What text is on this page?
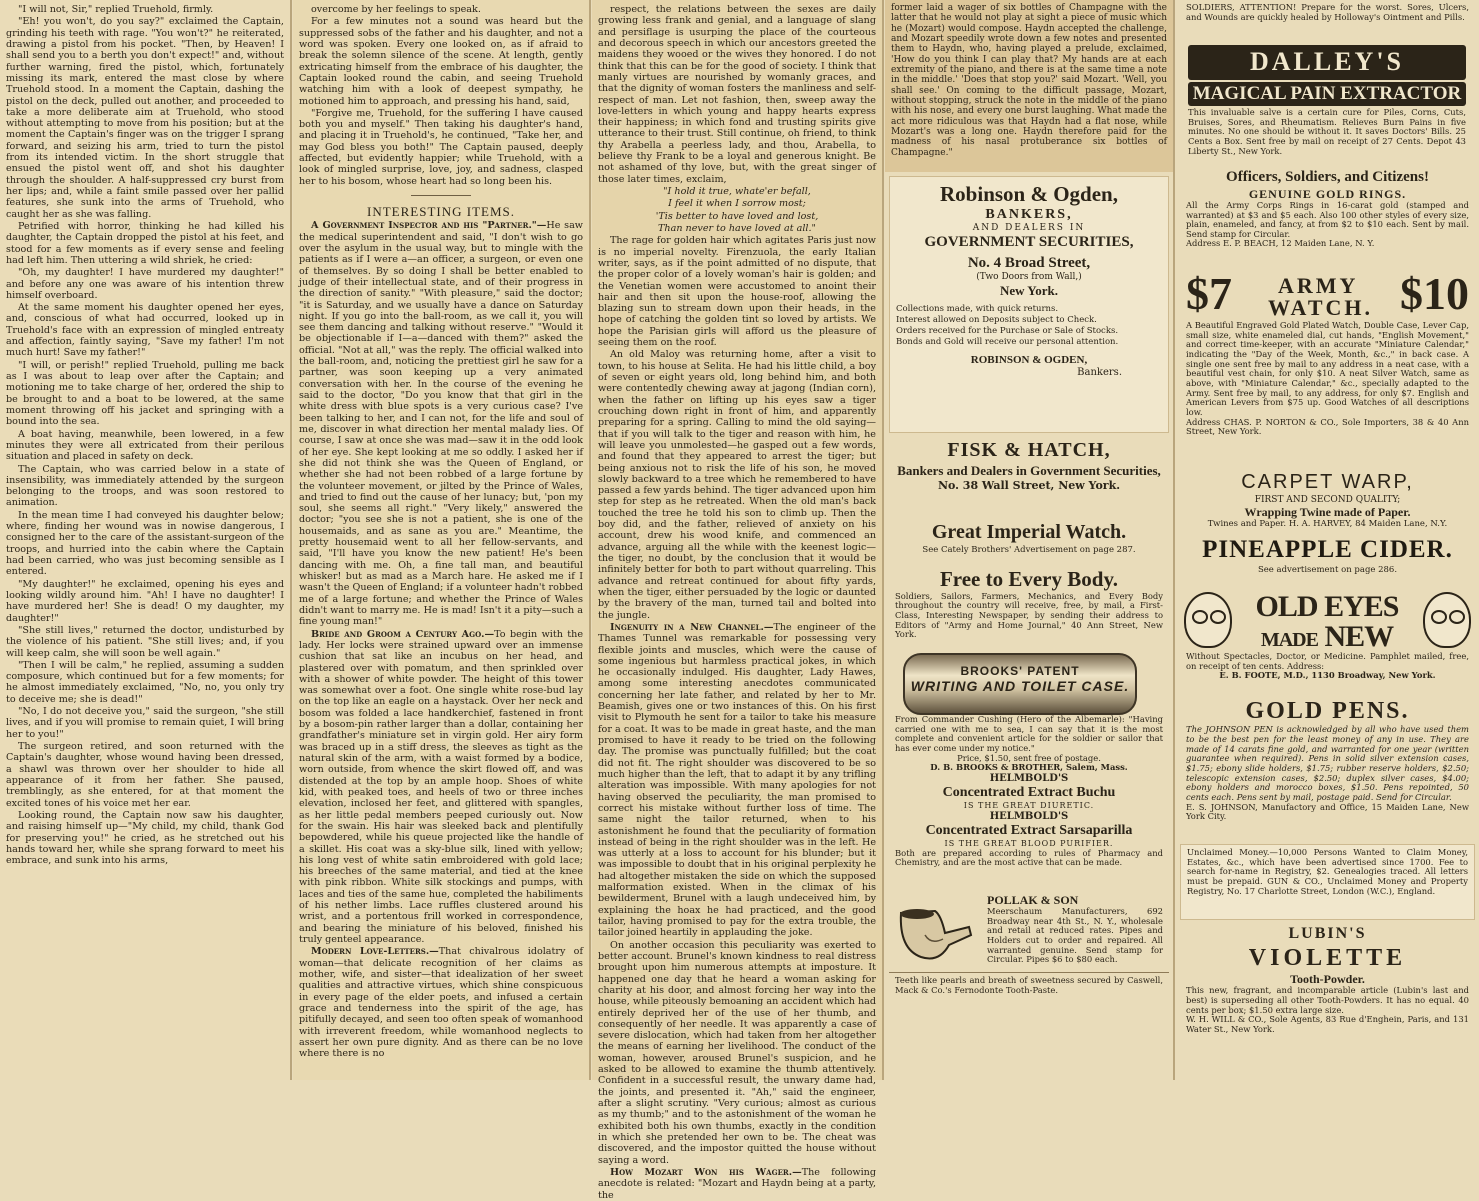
"I will not, Sir," replied Truehold, firmly.

"Eh! you won't, do you say?" exclaimed the Captain, grinding his teeth with rage. "You won't?" he reiterated, drawing a pistol from his pocket. "Then, by Heaven! I shall send you to a berth you don't expect!" and, without further warning, fired the pistol, which, fortunately missing its mark, entered the mast close by where Truehold stood. In a moment the Captain, dashing the pistol on the deck, pulled out another, and proceeded to take a more deliberate aim at Truehold, who stood without attempting to move from his position; but at the moment the Captain's finger was on the trigger I sprang forward, and seizing his arm, tried to turn the pistol from its intended victim. In the short struggle that ensued the pistol went off, and shot his daughter through the shoulder. A half-suppressed cry burst from her lips; and, while a faint smile passed over her pallid features, she sunk into the arms of Truehold, who caught her as she was falling.

Petrified with horror, thinking he had killed his daughter, the Captain dropped the pistol at his feet, and stood for a few moments as if every sense and feeling had left him. Then uttering a wild shriek, he cried:

"Oh, my daughter! I have murdered my daughter!" and before any one was aware of his intention threw himself overboard.

At the same moment his daughter opened her eyes, and, conscious of what had occurred, looked up in Truehold's face with an expression of mingled entreaty and affection, faintly saying, "Save my father! I'm not much hurt! Save my father!"

"I will, or perish!" replied Truehold, pulling me back as I was about to leap over after the Captain; and motioning me to take charge of her, ordered the ship to be brought to and a boat to be lowered, at the same moment throwing off his jacket and springing with a bound into the sea.

A boat having, meanwhile, been lowered, in a few minutes they were all extricated from their perilous situation and placed in safety on deck.

The Captain, who was carried below in a state of insensibility, was immediately attended by the surgeon belonging to the troops, and was soon restored to animation.

In the mean time I had conveyed his daughter below; where, finding her wound was in nowise dangerous, I consigned her to the care of the assistant-surgeon of the troops, and hurried into the cabin where the Captain had been carried, who was just becoming sensible as I entered.

"My daughter!" he exclaimed, opening his eyes and looking wildly around him. "Ah! I have no daughter! I have murdered her! She is dead! O my daughter, my daughter!"

"She still lives," returned the doctor, undisturbed by the violence of his patient. "She still lives; and, if you will keep calm, she will soon be well again."

"Then I will be calm," he replied, assuming a sudden composure, which continued but for a few moments; for he almost immediately exclaimed, "No, no, you only try to deceive me; she is dead!"

"No, I do not deceive you," said the surgeon, "she still lives, and if you will promise to remain quiet, I will bring her to you!"

The surgeon retired, and soon returned with the Captain's daughter, whose wound having been dressed, a shawl was thrown over her shoulder to hide all appearance of it from her father. She paused, tremblingly, as she entered, for at that moment the excited tones of his voice met her ear.

Looking round, the Captain now saw his daughter, and raising himself up—"My child, my child, thank God for preserving you!" he cried, as he stretched out his hands toward her, while she sprang forward to meet his embrace, and sunk into his arms,

overcome by her feelings to speak.

For a few minutes not a sound was heard but the suppressed sobs of the father and his daughter, and not a word was spoken. Every one looked on, as if afraid to break the solemn silence of the scene. At length, gently extricating himself from the embrace of his daughter, the Captain looked round the cabin, and seeing Truehold watching him with a look of deepest sympathy, he motioned him to approach, and pressing his hand, said,

"Forgive me, Truehold, for the suffering I have caused both you and myself." Then taking his daughter's hand, and placing it in Truehold's, he continued, "Take her, and may God bless you both!" The Captain paused, deeply affected, but evidently happier; while Truehold, with a look of mingled surprise, love, joy, and sadness, clasped her to his bosom, whose heart had so long been his.

INTERESTING ITEMS.

A Government Inspector and his "Partner."—He saw the medical superintendent and said, "I don't wish to go over the asylum in the usual way, but to mingle with the patients as if I were a—an officer, a surgeon, or even one of themselves. By so doing I shall be better enabled to judge of their intellectual state, and of their progress in the direction of sanity." "With pleasure," said the doctor; "it is Saturday, and we usually have a dance on Saturday night. If you go into the ball-room, as we call it, you will see them dancing and talking without reserve." "Would it be objectionable if I—a—danced with them?" asked the official. "Not at all," was the reply. The official walked into the ball-room, and, noticing the prettiest girl he saw for a partner, was soon keeping up a very animated conversation with her. In the course of the evening he said to the doctor, "Do you know that that girl in the white dress with blue spots is a very curious case? I've been talking to her, and I can not, for the life and soul of me, discover in what direction her mental malady lies. Of course, I saw at once she was mad—saw it in the odd look of her eye. She kept looking at me so oddly. I asked her if she did not think she was the Queen of England, or whether she had not been robbed of a large fortune by the volunteer movement, or jilted by the Prince of Wales, and tried to find out the cause of her lunacy; but, 'pon my soul, she seems all right." "Very likely," answered the doctor; "you see she is not a patient, she is one of the housemaids, and as sane as you are." Meantime, the pretty housemaid went to all her fellow-servants, and said, "I'll have you know the new patient! He's been dancing with me. Oh, a fine tall man, and beautiful whisker! but as mad as a March hare. He asked me if I wasn't the Queen of England; if a volunteer hadn't robbed me of a large fortune; and whether the Prince of Wales didn't want to marry me. He is mad! Isn't it a pity—such a fine young man!"

Bride and Groom a Century Ago.—To begin with the lady. Her locks were strained upward over an immense cushion that sat like an incubus on her head, and plastered over with pomatum, and then sprinkled over with a shower of white powder. The height of this tower was somewhat over a foot. One single white rose-bud lay on the top like an eagle on a haystack. Over her neck and bosom was folded a lace handkerchief, fastened in front by a bosom-pin rather larger than a dollar, containing her grandfather's miniature set in virgin gold. Her airy form was braced up in a stiff dress, the sleeves as tight as the natural skin of the arm, with a waist formed by a bodice, worn outside, from whence the skirt flowed off, and was distended at the top by an ample hoop. Shoes of white kid, with peaked toes, and heels of two or three inches elevation, inclosed her feet, and glittered with spangles, as her little pedal members peeped curiously out. Now for the swain. His hair was sleeked back and plentifully bepowdered, while his queue projected like the handle of a skillet. His coat was a sky-blue silk, lined with yellow; his long vest of white satin embroidered with gold lace; his breeches of the same material, and tied at the knee with pink ribbon. White silk stockings and pumps, with laces and ties of the same hue, completed the habiliments of his nether limbs. Lace ruffles clustered around his wrist, and a portentous frill worked in correspondence, and bearing the miniature of his beloved, finished his truly genteel appearance.

Modern Love-Letters.—That chivalrous idolatry of woman—that delicate recognition of her claims as mother, wife, and sister—that idealization of her sweet qualities and attractive virtues, which shine conspicuous in every page of the elder poets, and infused a certain grace and tenderness into the spirit of the age, has pitifully decayed, and seen too often speak of womanhood with irreverent freedom, while womanhood neglects to assert her own pure dignity. And as there can be no love where there is no

respect, the relations between the sexes are daily growing less frank and genial, and a language of slang and persiflage is usurping the place of the courteous and decorous speech in which our ancestors greeted the maidens they wooed or the wives they honored. I do not think that this can be for the good of society. I think that manly virtues are nourished by womanly graces, and that the dignity of woman fosters the manliness and self-respect of man. Let not fashion, then, sweep away the love-letters in which young and happy hearts express their happiness; in which fond and trusting spirits give utterance to their trust. Still continue, oh friend, to think thy Arabella a peerless lady, and thou, Arabella, to believe thy Frank to be a loyal and generous knight. Be not ashamed of thy love, but, with the great singer of those later times, exclaim,

"I hold it true, whate'er befall,

I feel it when I sorrow most;

'Tis better to have loved and lost,

Than never to have loved at all."

The rage for golden hair which agitates Paris just now is no imperial novelty. Firenzuola, the early Italian writer, says, as if the point admitted of no dispute, that the proper color of a lovely woman's hair is golden; and the Venetian women were accustomed to anoint their hair and then sit upon the house-roof, allowing the blazing sun to stream down upon their heads, in the hope of catching the golden tint so loved by artists. We hope the Parisian girls will afford us the pleasure of seeing them on the roof.

An old Maloy was returning home, after a visit to town, to his house at Selita. He had his little child, a boy of seven or eight years old, long behind him, and both were contentedly chewing away at jagong (Indian corn), when the father on lifting up his eyes saw a tiger crouching down right in front of him, and apparently preparing for a spring. Calling to mind the old saying—that if you will talk to the tiger and reason with him, he will leave you unmolested—he gasped out a few words, and found that they appeared to arrest the tiger; but being anxious not to risk the life of his son, he moved slowly backward to a tree which he remembered to have passed a few yards behind. The tiger advanced upon him step for step as he retreated. When the old man's back touched the tree he told his son to climb up. Then the boy did, and the father, relieved of anxiety on his account, drew his wood knife, and commenced an advance, arguing all the while with the keenest logic—the tiger, no doubt, by the conclusion that it would be infinitely better for both to part without quarreling. This advance and retreat continued for about fifty yards, when the tiger, either persuaded by the logic or daunted by the bravery of the man, turned tail and bolted into the jungle.

Ingenuity in a New Channel.—The engineer of the Thames Tunnel was remarkable for possessing very flexible joints and muscles, which were the cause of some ingenious but harmless practical jokes, in which he occasionally indulged. His daughter, Lady Hawes, among some interesting anecdotes communicated concerning her late father, and related by her to Mr. Beamish, gives one or two instances of this. On his first visit to Plymouth he sent for a tailor to take his measure for a coat. It was to be made in great haste, and the man promised to have it ready to be tried on the following day. The promise was punctually fulfilled; but the coat did not fit. The right shoulder was discovered to be so much higher than the left, that to adapt it by any trifling alteration was impossible. With many apologies for not having observed the peculiarity, the man promised to correct his mistake without further loss of time. The same night the tailor returned, when to his astonishment he found that the peculiarity of formation instead of being in the right shoulder was in the left. He was utterly at a loss to account for his blunder; but it was impossible to doubt that in his original perplexity he had altogether mistaken the side on which the supposed malformation existed. When in the climax of his bewilderment, Brunel with a laugh undeceived him, by explaining the hoax he had practiced, and the good tailor, having promised to pay for the extra trouble, the tailor joined heartily in applauding the joke.

On another occasion this peculiarity was exerted to better account. Brunel's known kindness to real distress brought upon him numerous attempts at imposture. It happened one day that he heard a woman asking for charity at his door, and almost forcing her way into the house, while piteously bemoaning an accident which had entirely deprived her of the use of her thumb, and consequently of her needle. It was apparently a case of severe dislocation, which had taken from her altogether the means of earning her livelihood. The conduct of the woman, however, aroused Brunel's suspicion, and he asked to be allowed to examine the thumb attentively. Confident in a successful result, the unwary dame had, the joints, and presented it. "Ah," said the engineer, after a slight scrutiny. "Very curious; almost as curious as my thumb;" and to the astonishment of the woman he exhibited both his own thumbs, exactly in the condition in which she pretended her own to be. The cheat was discovered, and the impostor quitted the house without saying a word.

How Mozart Won his Wager.—The following anecdote is related: "Mozart and Haydn being at a party, the

former laid a wager of six bottles of Champagne with the latter that he would not play at sight a piece of music which he (Mozart) would compose. Haydn accepted the challenge, and Mozart speedily wrote down a few notes and presented them to Haydn, who, having played a prelude, exclaimed, 'How do you think I can play that? My hands are at each extremity of the piano, and there is at the same time a note in the middle.' 'Does that stop you?' said Mozart. 'Well, you shall see.' On coming to the difficult passage, Mozart, without stopping, struck the note in the middle of the piano with his nose, and every one burst laughing. What made the act more ridiculous was that Haydn had a flat nose, while Mozart's was a long one. Haydn therefore paid for the madness of his nasal protuberance six bottles of Champagne."
Robinson & Ogden,
BANKERS,
AND DEALERS IN
GOVERNMENT SECURITIES,
No. 4 Broad Street,
(Two Doors from Wall,)
New York.
Collections made, with quick returns.
Interest allowed on Deposits subject to Check.
Orders received for the Purchase or Sale of Stocks.
Bonds and Gold will receive our personal attention.
ROBINSON & OGDEN,
Bankers.
FISK & HATCH,
Bankers and Dealers in Government Securities,
No. 38 Wall Street, New York.
Great Imperial Watch.
See Cately Brothers' Advertisement on page 287.
Free to Every Body.
Soldiers, Sailors, Farmers, Mechanics, and Every Body throughout the country will receive, free, by mail, a First-Class, Interesting Newspaper, by sending their address to Editors of "Army and Home Journal," 40 Ann Street, New York.
BROOKS' PATENT
WRITING AND TOILET CASE.
From Commander Cushing (Hero of the Albemarle): "Having carried one with me to sea, I can say that it is the most complete and convenient article for the soldier or sailor that has ever come under my notice."
Price, $1.50, sent free of postage.
D. B. BROOKS & BROTHER, Salem, Mass.
HELMBOLD'S
Concentrated Extract Buchu
IS THE GREAT DIURETIC.
HELMBOLD'S
Concentrated Extract Sarsaparilla
IS THE GREAT BLOOD PURIFIER.
Both are prepared according to rules of Pharmacy and Chemistry, and are the most active that can be made.
POLLAK & SON
Meerschaum Manufacturers, 692 Broadway near 4th St., N. Y., wholesale and retail at reduced rates. Pipes and Holders cut to order and repaired. All warranted genuine. Send stamp for Circular. Pipes $6 to $80 each.
Teeth like pearls and breath of sweetness secured by Caswell, Mack & Co.'s Fernodonte Tooth-Paste.
SOLDIERS, ATTENTION! Prepare for the worst. Sores, Ulcers, and Wounds are quickly healed by Holloway's Ointment and Pills.
DALLEY'S
MAGICAL PAIN EXTRACTOR
This invaluable salve is a certain cure for Piles, Corns, Cuts, Bruises, Sores, and Rheumatism. Relieves Burn Pains in five minutes. No one should be without it. It saves Doctors' Bills. 25 Cents a Box. Sent free by mail on receipt of 27 Cents. Depot 43 Liberty St., New York.
Officers, Soldiers, and Citizens!
GENUINE GOLD RINGS.
All the Army Corps Rings in 16-carat gold (stamped and warranted) at $3 and $5 each. Also 100 other styles of every size, plain, enameled, and fancy, at from $2 to $10 each. Sent by mail. Send stamp for Circular.
Address E. P. BEACH, 12 Maiden Lane, N. Y.
$7 ARMY
WATCH. $10
A Beautiful Engraved Gold Plated Watch, Double Case, Lever Cap, small size, white enameled dial, cut hands, "English Movement," and correct time-keeper, with an accurate "Miniature Calendar," indicating the "Day of the Week, Month, &c.," in back case. A single one sent free by mail to any address in a neat case, with a beautiful vest chain, for only $10. A neat Silver Watch, same as above, with "Miniature Calendar," &c., specially adapted to the Army. Sent free by mail, to any address, for only $7. English and American Levers from $75 up. Good Watches of all descriptions low.
Address CHAS. P. NORTON & CO., Sole Importers, 38 & 40 Ann Street, New York.
CARPET WARP,
FIRST AND SECOND QUALITY;
Wrapping Twine made of Paper.
Twines and Paper. H. A. HARVEY, 84 Maiden Lane, N.Y.
PINEAPPLE CIDER.
See advertisement on page 286.
OLD EYES MADE NEW
Without Spectacles, Doctor, or Medicine. Pamphlet mailed, free, on receipt of ten cents. Address:
E. B. FOOTE, M.D., 1130 Broadway, New York.
GOLD PENS.
The JOHNSON PEN is acknowledged by all who have used them to be the best pen for the least money of any in use. They are made of 14 carats fine gold, and warranted for one year (written guarantee when required). Pens in solid silver extension cases, $1.75; ebony slide holders, $1.75; rubber reserve holders, $2.50; telescopic extension cases, $2.50; duplex silver cases, $4.00; ebony holders and morocco boxes, $1.50. Pens repointed, 50 cents each. Pens sent by mail, postage paid. Send for Circular.
E. S. JOHNSON, Manufactory and Office, 15 Maiden Lane, New York City.
Unclaimed Money.—10,000 Persons Wanted to Claim Money, Estates, &c., which have been advertised since 1700. Fee to search for-name in Registry, $2. Genealogies traced. All letters must be prepaid. GUN & CO., Unclaimed Money and Property Registry, No. 17 Charlotte Street, London (W.C.), England.
LUBIN'S
VIOLETTE
Tooth-Powder.
This new, fragrant, and incomparable article (Lubin's last and best) is superseding all other Tooth-Powders. It has no equal. 40 cents per box; $1.50 extra large size.
W. H. WILL & CO., Sole Agents, 83 Rue d'Enghein, Paris, and 131 Water St., New York.
